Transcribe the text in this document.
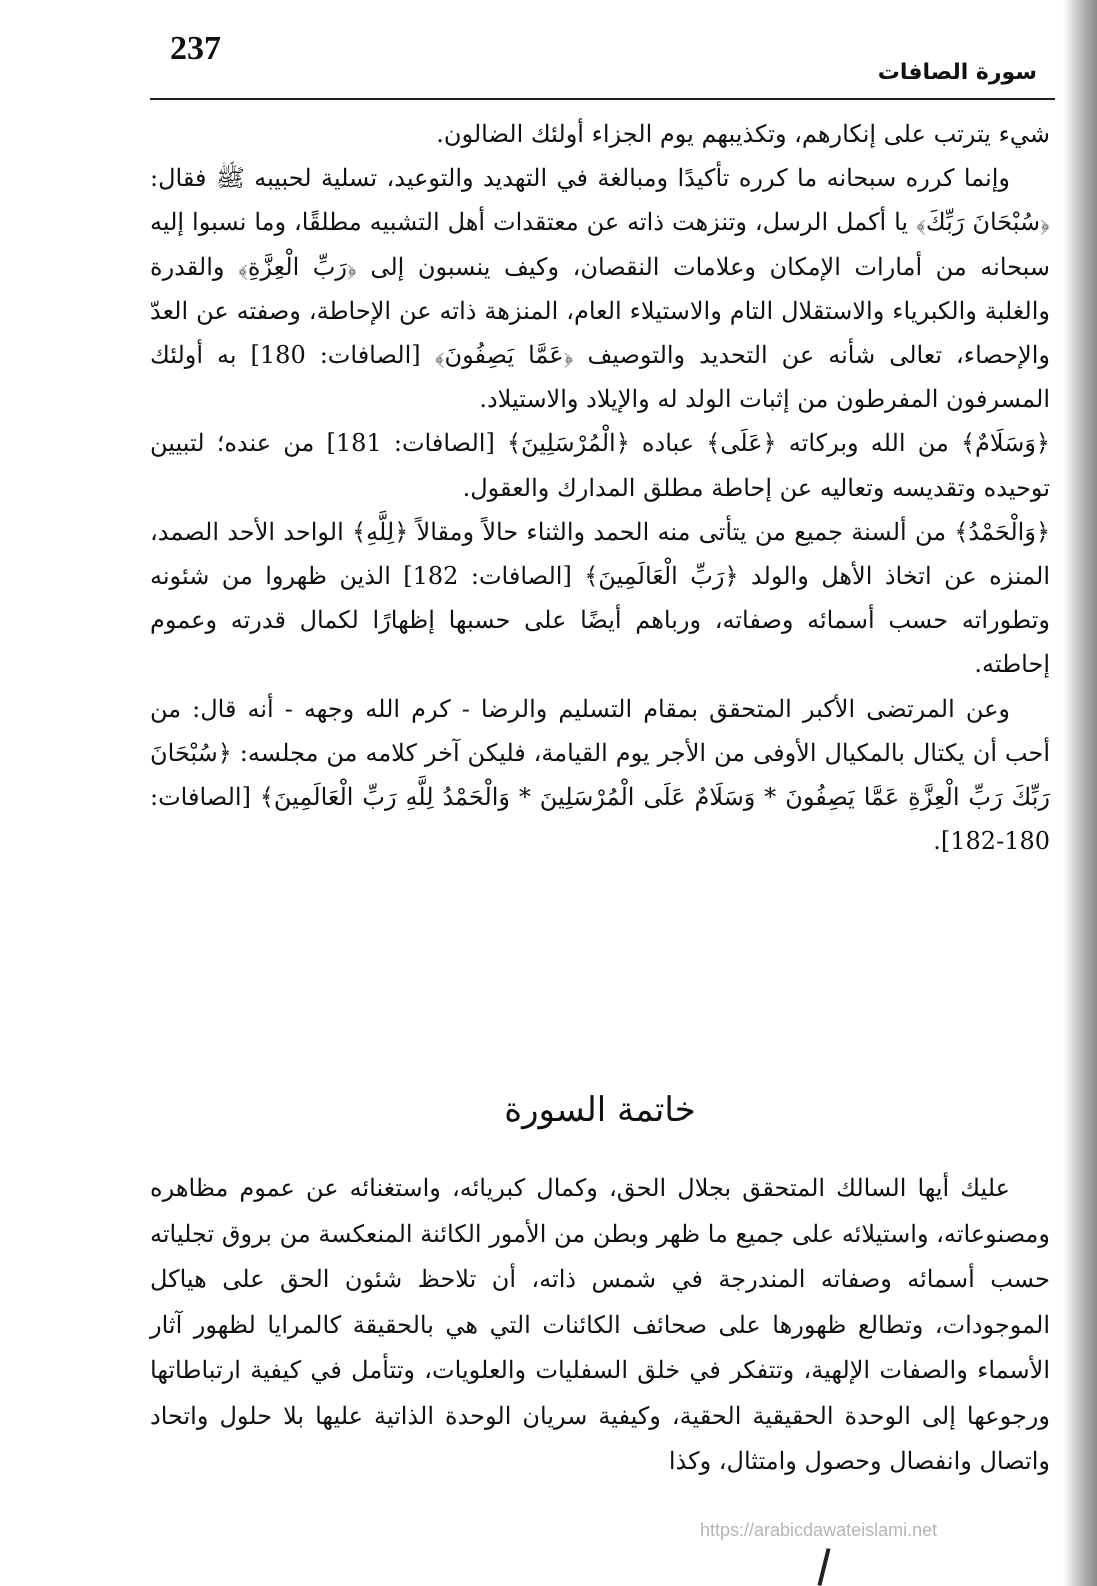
237
سورة الصافات

شيء يترتب على إنكارهم، وتكذيبهم يوم الجزاء أولئك الضالون.

وإنما كرره سبحانه ما كرره تأكيدًا ومبالغة في التهديد والتوعيد، تسلية لحبيبه ﷺ فقال: ﴿سُبْحَانَ رَبِّكَ﴾ يا أكمل الرسل، وتنزهت ذاته عن معتقدات أهل التشبيه مطلقًا، وما نسبوا إليه سبحانه من أمارات الإمكان وعلامات النقصان، وكيف ينسبون إلى ﴿رَبِّ الْعِزَّةِ﴾ والقدرة والغلبة والكبرياء والاستقلال التام والاستيلاء العام، المنزهة ذاته عن الإحاطة، وصفته عن العدّ والإحصاء، تعالى شأنه عن التحديد والتوصيف ﴿عَمَّا يَصِفُونَ﴾ [الصافات: 180] به أولئك المسرفون المفرطون من إثبات الولد له والإيلاد والاستيلاد.

﴿وَسَلَامٌ﴾ من الله وبركاته ﴿عَلَى﴾ عباده ﴿الْمُرْسَلِينَ﴾ [الصافات: 181] من عنده؛ لتبيين توحيده وتقديسه وتعاليه عن إحاطة مطلق المدارك والعقول.

﴿وَالْحَمْدُ﴾ من ألسنة جميع من يتأتى منه الحمد والثناء حالاً ومقالاً ﴿لِلَّهِ﴾ الواحد الأحد الصمد، المنزه عن اتخاذ الأهل والولد ﴿رَبِّ الْعَالَمِينَ﴾ [الصافات: 182] الذين ظهروا من شئونه وتطوراته حسب أسمائه وصفاته، ورباهم أيضًا على حسبها إظهارًا لكمال قدرته وعموم إحاطته.

وعن المرتضى الأكبر المتحقق بمقام التسليم والرضا - كرم الله وجهه - أنه قال: من أحب أن يكتال بالمكيال الأوفى من الأجر يوم القيامة، فليكن آخر كلامه من مجلسه: ﴿سُبْحَانَ رَبِّكَ رَبِّ الْعِزَّةِ عَمَّا يَصِفُونَ * وَسَلَامٌ عَلَى الْمُرْسَلِينَ * وَالْحَمْدُ لِلَّهِ رَبِّ الْعَالَمِينَ﴾ [الصافات: 180-182].

خاتمة السورة

عليك أيها السالك المتحقق بجلال الحق، وكمال كبريائه، واستغنائه عن عموم مظاهره ومصنوعاته، واستيلائه على جميع ما ظهر وبطن من الأمور الكائنة المنعكسة من بروق تجلياته حسب أسمائه وصفاته المندرجة في شمس ذاته، أن تلاحظ شئون الحق على هياكل الموجودات، وتطالع ظهورها على صحائف الكائنات التي هي بالحقيقة كالمرايا لظهور آثار الأسماء والصفات الإلهية، وتتفكر في خلق السفليات والعلويات، وتتأمل في كيفية ارتباطاتها ورجوعها إلى الوحدة الحقيقية الحقية، وكيفية سريان الوحدة الذاتية عليها بلا حلول واتحاد واتصال وانفصال وحصول وامتثال، وكذا

https://arabicdawateislami.net
